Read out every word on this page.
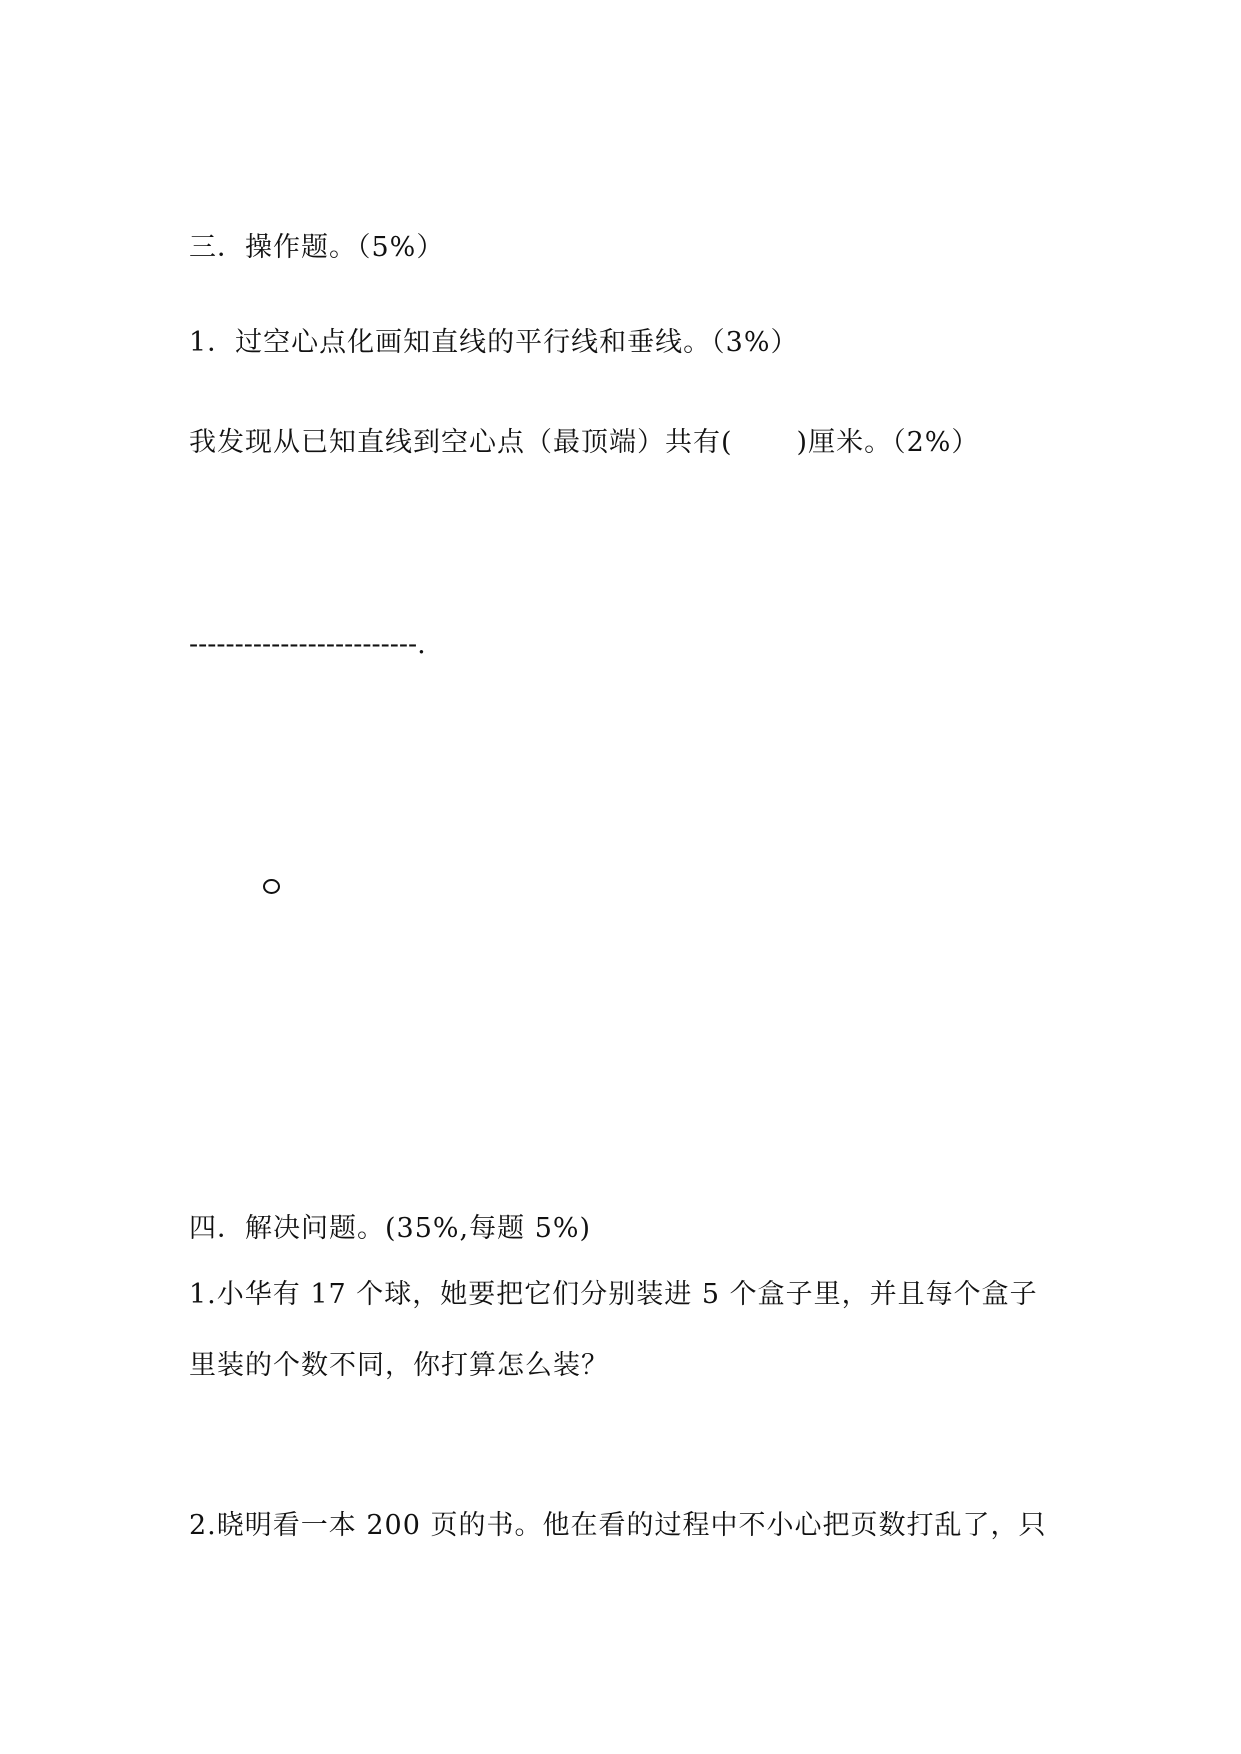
三．操作题。（5%）
1．过空心点化画知直线的平行线和垂线。（3%）
我发现从已知直线到空心点（最顶端）共有( )厘米。（2%）
-------------------------.
四．解决问题。(35%,每题 5%)
1.小华有 17 个球，她要把它们分别装进 5 个盒子里，并且每个盒子
里装的个数不同，你打算怎么装？
2.晓明看一本 200 页的书。他在看的过程中不小心把页数打乱了，只
